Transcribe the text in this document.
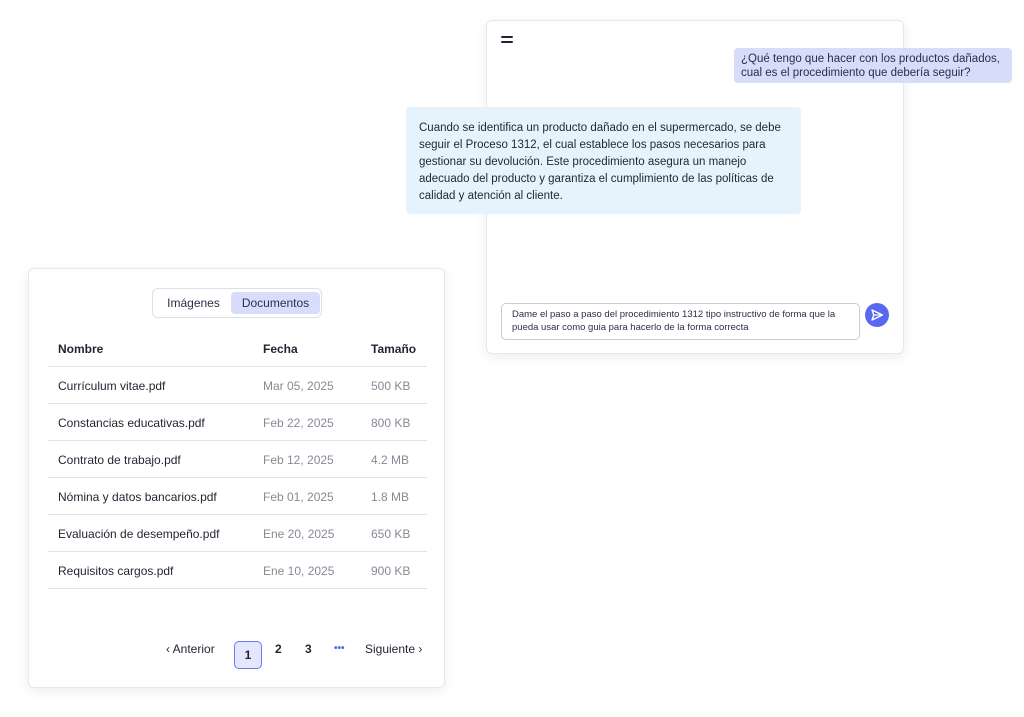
¿Qué tengo que hacer con los productos dañados, cual es el procedimiento que debería seguir?
Cuando se identifica un producto dañado en el supermercado, se debe seguir el Proceso 1312, el cual establece los pasos necesarios para gestionar su devolución. Este procedimiento asegura un manejo adecuado del producto y garantiza el cumplimiento de las políticas de calidad y atención al cliente.
Dame el paso a paso del procedimiento 1312 tipo instructivo de forma que la pueda usar como guia para hacerlo de la forma correcta
Imágenes	Documentos
Nombre	Fecha	Tamaño
Currículum vitae.pdf	Mar 05, 2025	500 KB
Constancias educativas.pdf	Feb 22, 2025	800 KB
Contrato de trabajo.pdf	Feb 12, 2025	4.2 MB
Nómina y datos bancarios.pdf	Feb 01, 2025	1.8 MB
Evaluación de desempeño.pdf	Ene 20, 2025	650 KB
Requisitos cargos.pdf	Ene 10, 2025	900 KB
‹ Anterior	1	2 3 ••• Siguiente ›
